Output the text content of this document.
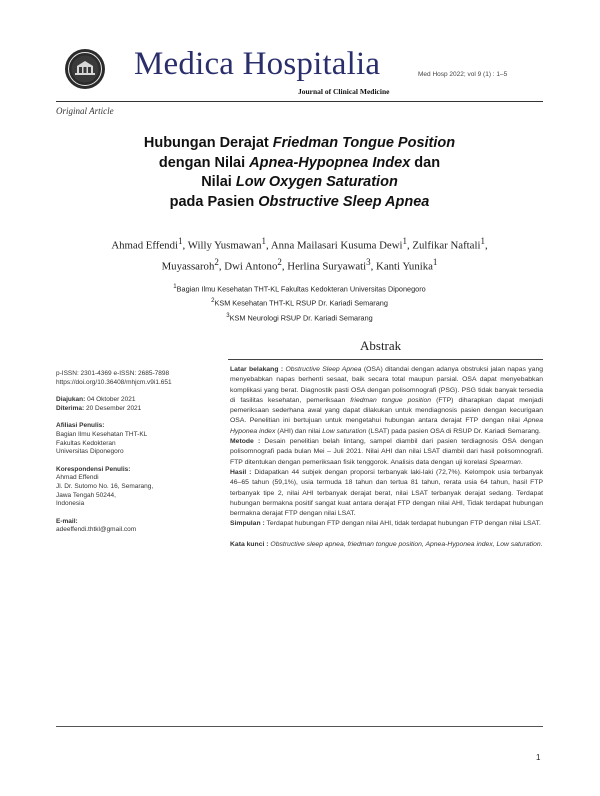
Medica Hospitalia
Journal of Clinical Medicine
Med Hosp 2022; vol 9 (1) : 1–5
Original Article
Hubungan Derajat Friedman Tongue Position
dengan Nilai Apnea-Hypopnea Index dan
Nilai Low Oxygen Saturation
pada Pasien Obstructive Sleep Apnea
Ahmad Effendi$^1$, Willy Yusmawan$^1$, Anna Mailasari Kusuma Dewi$^1$, Zulfikar Naftali$^1$,
Muyassaroh$^2$, Dwi Antono$^2$, Herlina Suryawati$^3$, Kanti Yunika$^1$
$^1$Bagian Ilmu Kesehatan THT-KL Fakultas Kedokteran Universitas Diponegoro
$^2$KSM Kesehatan THT-KL RSUP Dr. Kariadi Semarang
$^3$KSM Neurologi RSUP Dr. Kariadi Semarang
Abstrak

p-ISSN: 2301-4369 e-ISSN: 2685-7898

https://doi.org/10.36408/mhjcm.v9i1.651

Diajukan: 04 Oktober 2021

Diterima: 20 Desember 2021

Afiliasi Penulis:

Bagian Ilmu Kesehatan THT-KL

Fakultas Kedokteran

Universitas Diponegoro

Korespondensi Penulis:

Ahmad Effendi

Jl. Dr. Sutomo No. 16, Semarang,

Jawa Tengah 50244,

Indonesia

E-mail:

adeeffendi.thtkl@gmail.com

Latar belakang : Obstructive Sleep Apnea (OSA) ditandai dengan adanya obstruksi jalan napas yang menyebabkan napas berhenti sesaat, baik secara total maupun parsial. OSA dapat menyebabkan komplikasi yang berat. Diagnostik pasti OSA dengan polisomnografi (PSG). PSG tidak banyak tersedia di fasilitas kesehatan, pemeriksaan friedman tongue position (FTP) diharapkan dapat menjadi pemeriksaan sederhana awal yang dapat dilakukan untuk mendiagnosis pasien dengan kecurigaan OSA. Penelitian ini bertujuan untuk mengetahui hubungan antara derajat FTP dengan nilai Apnea Hyponea index (AHI) dan nilai Low saturation (LSAT) pada pasien OSA di RSUP Dr. Kariadi Semarang.

Metode : Desain penelitian belah lintang, sampel diambil dari pasien terdiagnosis OSA dengan polisomnografi pada bulan Mei – Juli 2021. Nilai AHI dan nilai LSAT diambil dari hasil polisomnografi. FTP ditentukan dengan pemeriksaan fisik tenggorok. Analisis data dengan uji korelasi Spearman.

Hasil : Didapatkan 44 subjek dengan proporsi terbanyak laki-laki (72,7%). Kelompok usia terbanyak 46–65 tahun (59,1%), usia termuda 18 tahun dan tertua 81 tahun, rerata usia 64 tahun, hasil FTP terbanyak tipe 2, nilai AHI terbanyak derajat berat, nilai LSAT terbanyak derajat sedang. Terdapat hubungan bermakna positif sangat kuat antara derajat FTP dengan nilai AHI, Tidak terdapat hubungan bermakna derajat FTP dengan nilai LSAT.

Simpulan : Terdapat hubungan FTP dengan nilai AHI, tidak terdapat hubungan FTP dengan nilai LSAT.

Kata kunci : Obstructive sleep apnea, friedman tongue position, Apnea-Hyponea index, Low saturation.

1
